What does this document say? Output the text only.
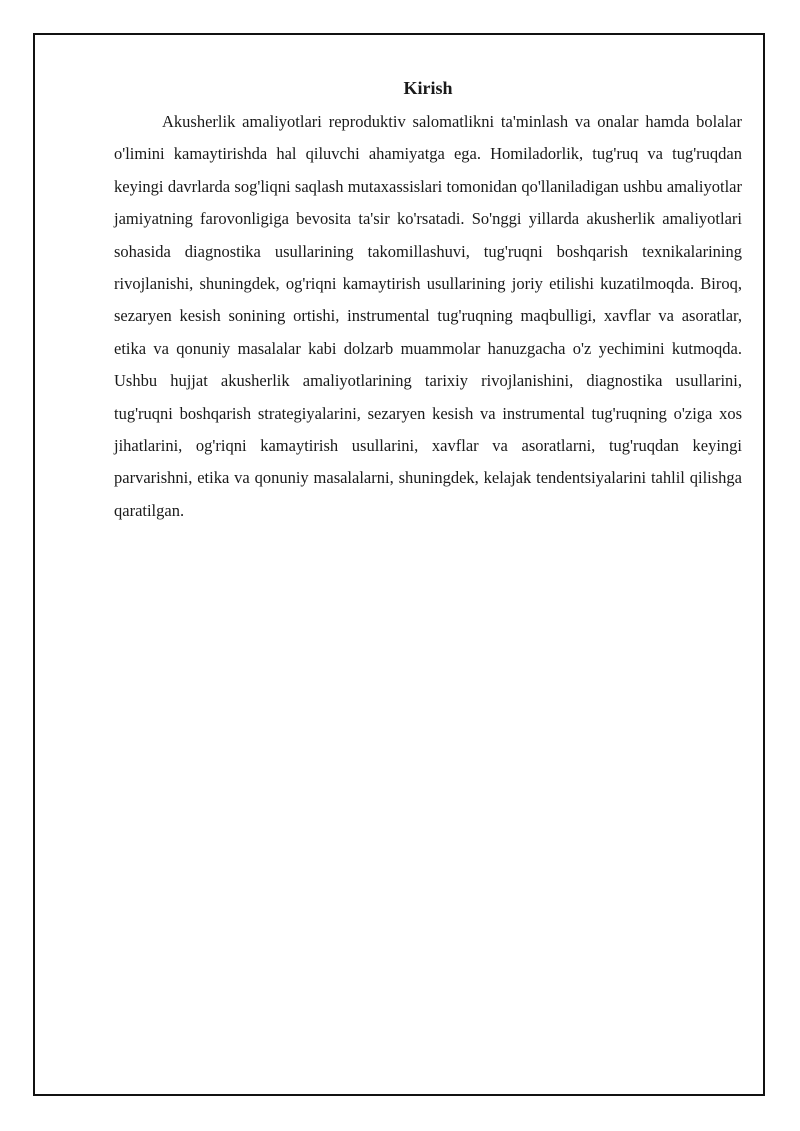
Kirish

Akusherlik amaliyotlari reproduktiv salomatlikni ta'minlash va onalar hamda bolalar o'limini kamaytirishda hal qiluvchi ahamiyatga ega. Homiladorlik, tug'ruq va tug'ruqdan keyingi davrlarda sog'liqni saqlash mutaxassislari tomonidan qo'llaniladigan ushbu amaliyotlar jamiyatning farovonligiga bevosita ta'sir ko'rsatadi. So'nggi yillarda akusherlik amaliyotlari sohasida diagnostika usullarining takomillashuvi, tug'ruqni boshqarish texnikalarining rivojlanishi, shuningdek, og'riqni kamaytirish usullarining joriy etilishi kuzatilmoqda. Biroq, sezaryen kesish sonining ortishi, instrumental tug'ruqning maqbulligi, xavflar va asoratlar, etika va qonuniy masalalar kabi dolzarb muammolar hanuzgacha o'z yechimini kutmoqda. Ushbu hujjat akusherlik amaliyotlarining tarixiy rivojlanishini, diagnostika usullarini, tug'ruqni boshqarish strategiyalarini, sezaryen kesish va instrumental tug'ruqning o'ziga xos jihatlarini, og'riqni kamaytirish usullarini, xavflar va asoratlarni, tug'ruqdan keyingi parvarishni, etika va qonuniy masalalarni, shuningdek, kelajak tendentsiyalarini tahlil qilishga qaratilgan.
